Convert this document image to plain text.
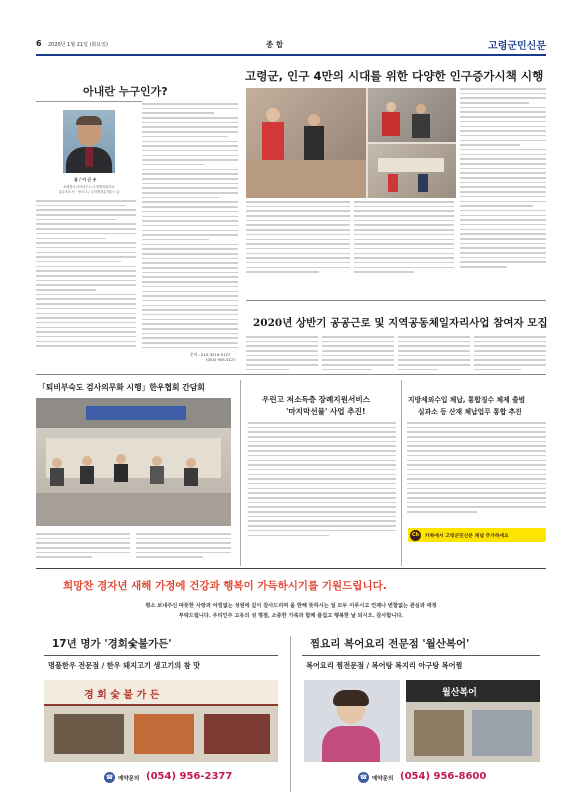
6 2020년 1월 21일 (화요일)	종 합	고령군민신문
아내란 누구인가?
글 / 이 근 우
포체봉수사이마구시 수학발차범호농
홍수지도사 · 영오나 / 수학발차분개다 / 글
문의 : 010-3519-5127
(054) 955-5127
고령군, 인구 4만의 시대를 위한 다양한 인구증가시책 시행
2020년 상반기 공공근로 및 지역공동체일자리사업 참여자 모집
「퇴비부숙도 검사의무화 시행」한우협회 간담회
우린고 저소득층 장례지원서비스
'마지막선물' 사업 추진!
지방세외수입 체납, 통합징수 체제 출범
실과소 등 산재 체납업무 통합 추진
Ch	카톡에서 고령군민신문 채널 추가하세요
희망찬 경자년 새해 가정에 건강과 행복이 가득하시기를 기원드립니다.
평소 보내주신 따뜻한 사랑과 아낌없는 성원에 깊이 감사드리며 올 한해 뜻하시는 일 모두 이루시고 언제나 변함없는 관심과 애정
부탁드립니다. 우리인주 고유의 성 명점, 소중한 가족과 함께 즐겁고 행복한 날 되시오. 감사합니다.
17년 명가 '경회숯불가든'
명품한우 전문점 / 한우 돼지고기 생고기의 참 맛
경 회 숯 불 가 든
☎ 예약문의 (054) 956-2377
찜요리 복어요리 전문점 '월산복어'
복어요리 찜전문점 / 복어탕 복지리 아구탕 복어찜
월산복어
☎ 예약문의 (054) 956-8600
